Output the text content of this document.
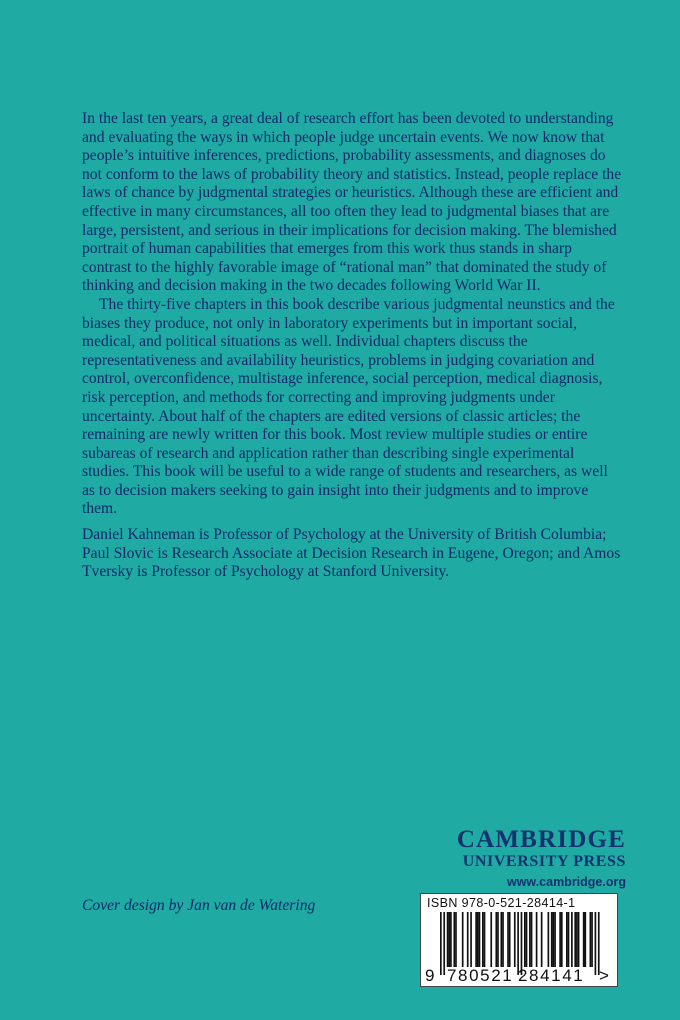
In the last ten years, a great deal of research effort has been devoted to understanding and evaluating the ways in which people judge uncertain events. We now know that people’s intuitive inferences, predictions, probability assessments, and diagnoses do not conform to the laws of probability theory and statistics. Instead, people replace the laws of chance by judgmental strategies or heuristics. Although these are efficient and effective in many circumstances, all too often they lead to judgmental biases that are large, persistent, and serious in their implications for decision making. The blemished portrait of human capabilities that emerges from this work thus stands in sharp contrast to the highly favorable image of “rational man” that dominated the study of thinking and decision making in the two decades following World War II.

The thirty-five chapters in this book describe various judgmental neunstics and the biases they produce, not only in laboratory experiments but in important social, medical, and political situations as well. Individual chapters discuss the representativeness and availability heuristics, problems in judging covariation and control, overconfidence, multistage inference, social perception, medical diagnosis, risk perception, and methods for correcting and improving judgments under uncertainty. About half of the chapters are edited versions of classic articles; the remaining are newly written for this book. Most review multiple studies or entire subareas of research and application rather than describing single experimental studies. This book will be useful to a wide range of students and researchers, as well as to decision makers seeking to gain insight into their judgments and to improve them.

Daniel Kahneman is Professor of Psychology at the University of British Columbia; Paul Slovic is Research Associate at Decision Research in Eugene, Oregon; and Amos Tversky is Professor of Psychology at Stanford University.

CAMBRIDGE
UNIVERSITY PRESS
www.cambridge.org
Cover design by Jan van de Watering	ISBN 978-0-521-28414-1
9 780521 284141 >
